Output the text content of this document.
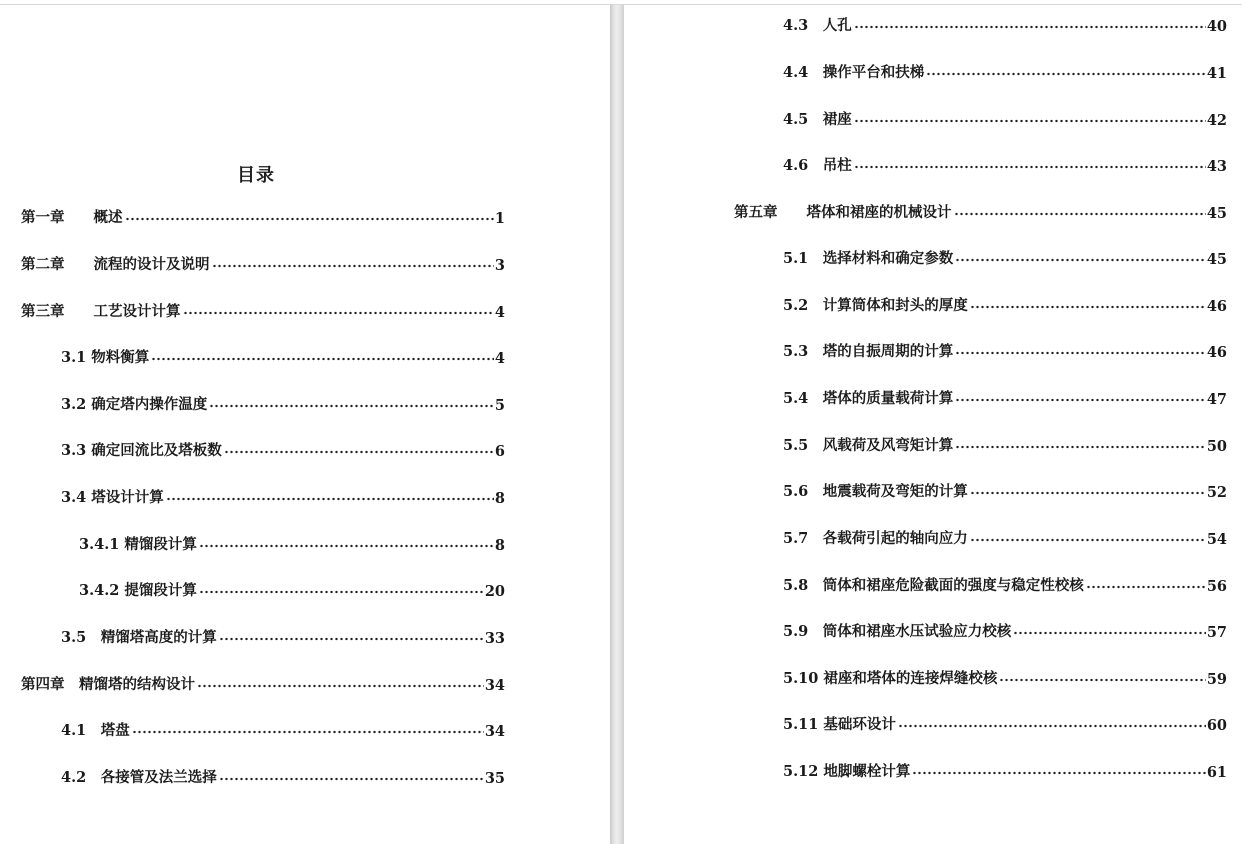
目录
第一章　　概述	1
第二章　　流程的设计及说明	3
第三章　　工艺设计计算	4
3.1 物料衡算	4
3.2 确定塔内操作温度	5
3.3 确定回流比及塔板数	6
3.4 塔设计计算	8
3.4.1 精馏段计算	8
3.4.2 提馏段计算	20
3.5　精馏塔高度的计算	33
第四章　精馏塔的结构设计	34
4.1　塔盘	34
4.2　各接管及法兰选择	35
4.3　人孔	40
4.4　操作平台和扶梯	41
4.5　裙座	42
4.6　吊柱	43
第五章　　塔体和裙座的机械设计	45
5.1　选择材料和确定参数	45
5.2　计算筒体和封头的厚度	46
5.3　塔的自振周期的计算	46
5.4　塔体的质量载荷计算	47
5.5　风载荷及风弯矩计算	50
5.6　地震载荷及弯矩的计算	52
5.7　各载荷引起的轴向应力	54
5.8　筒体和裙座危险截面的强度与稳定性校核	56
5.9　筒体和裙座水压试验应力校核	57
5.10 裙座和塔体的连接焊缝校核	59
5.11 基础环设计	60
5.12 地脚螺栓计算	61
